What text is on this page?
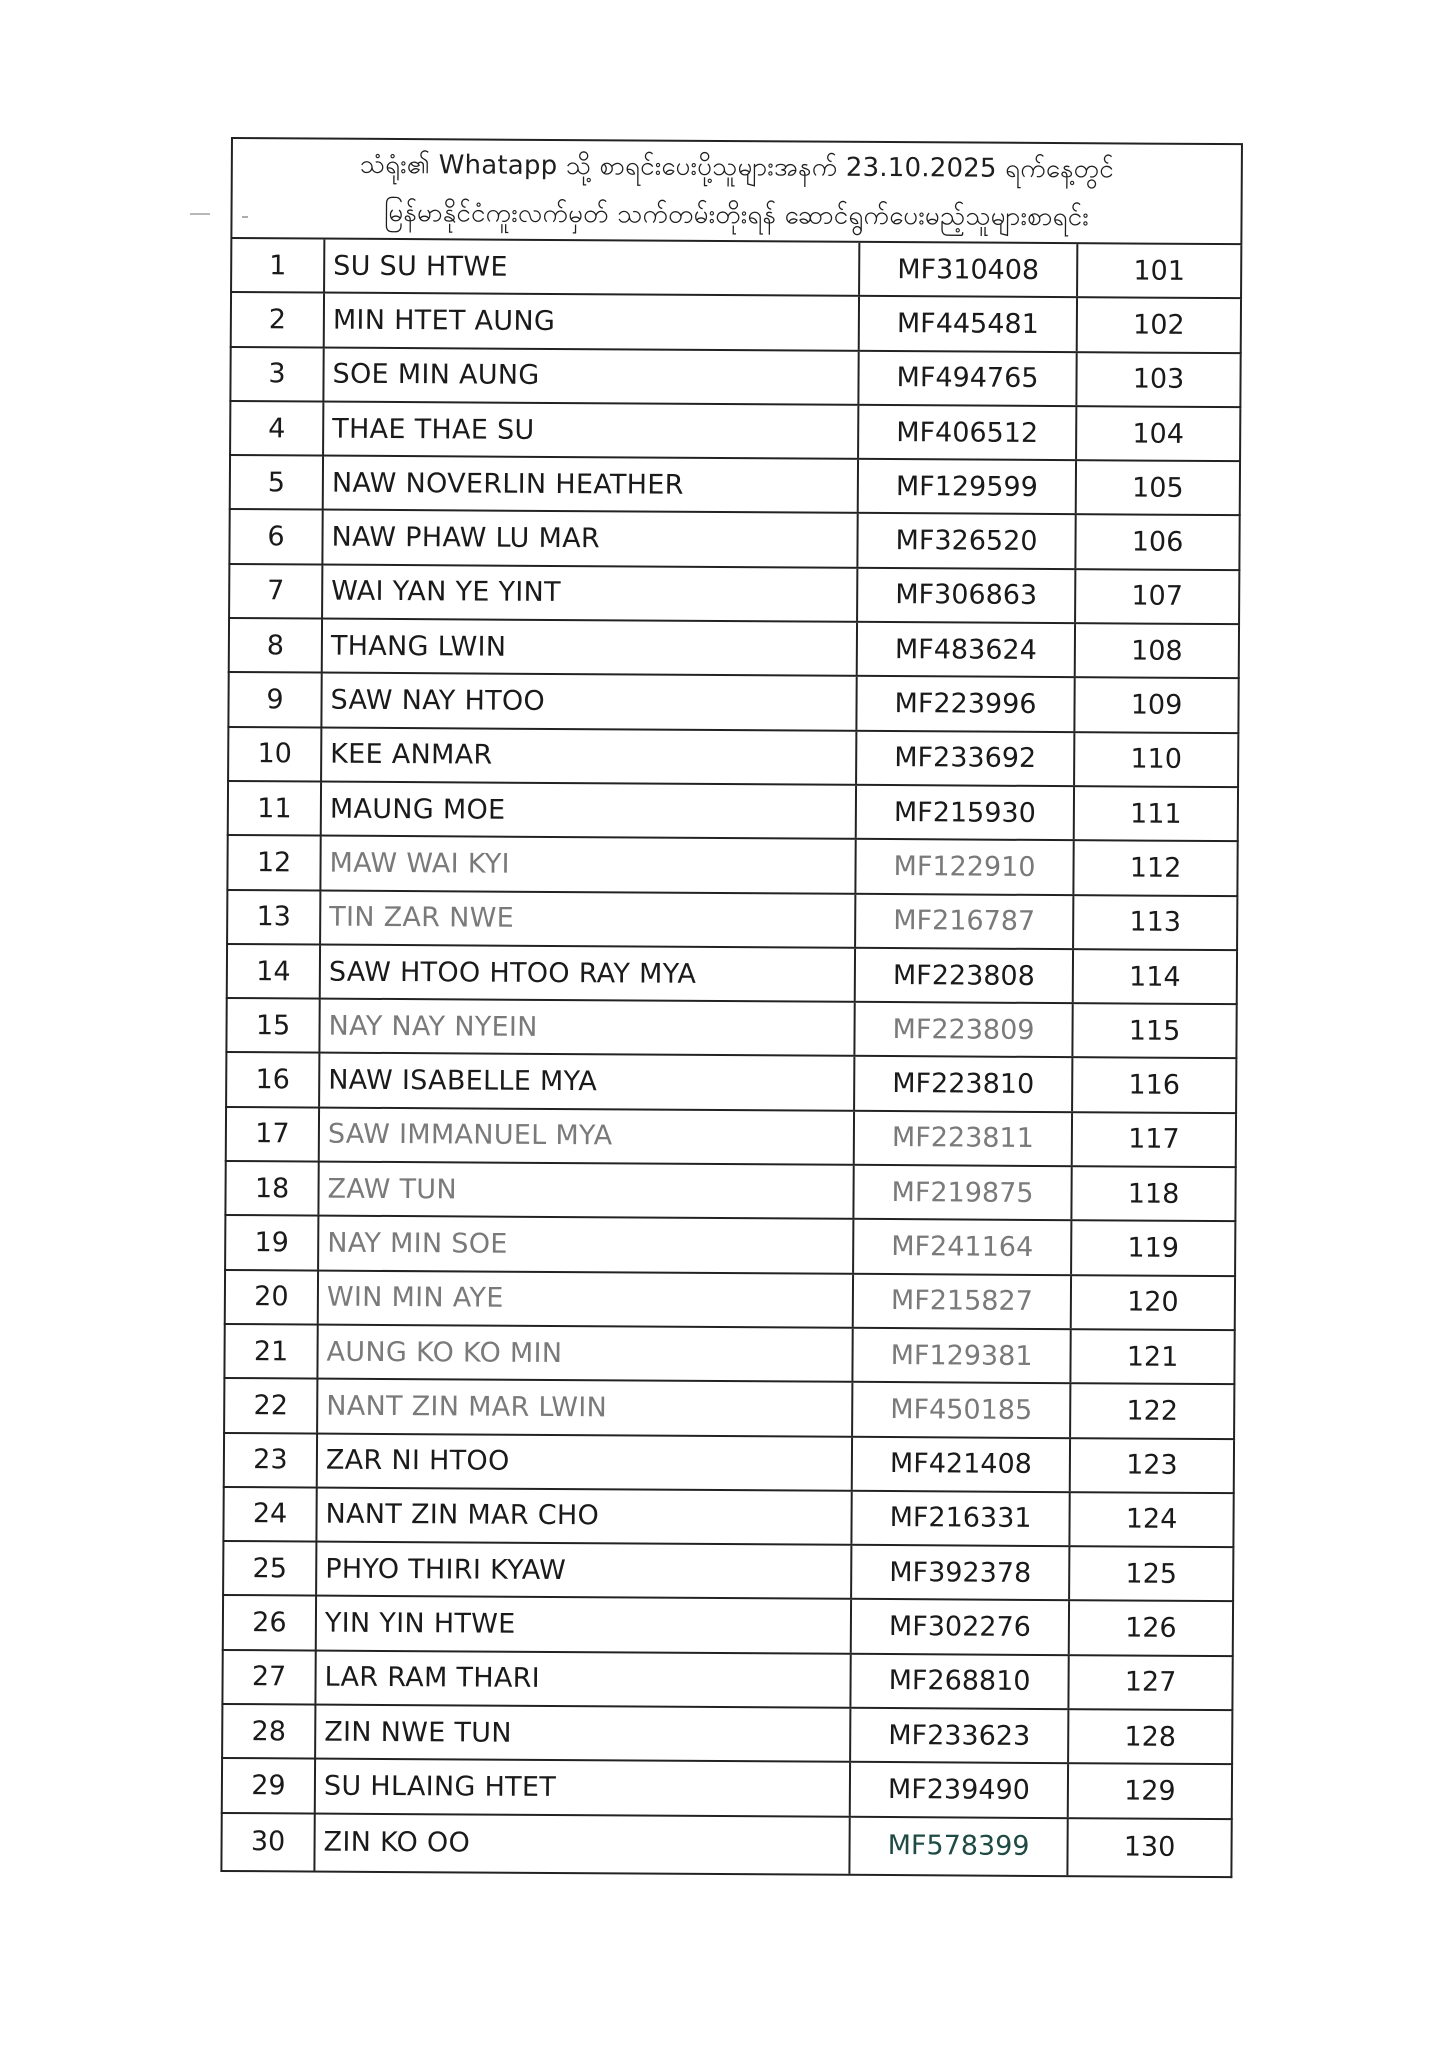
သံရုံး၏ Whatapp သို့ စာရင်းပေးပို့သူများအနက် 23.10.2025 ရက်နေ့တွင်
မြန်မာနိုင်ငံကူးလက်မှတ် သက်တမ်းတိုးရန် ဆောင်ရွက်ပေးမည့်သူများစာရင်း
1	SU SU HTWE	MF310408	101
2	MIN HTET AUNG	MF445481	102
3	SOE MIN AUNG	MF494765	103
4	THAE THAE SU	MF406512	104
5	NAW NOVERLIN HEATHER	MF129599	105
6	NAW PHAW LU MAR	MF326520	106
7	WAI YAN YE YINT	MF306863	107
8	THANG LWIN	MF483624	108
9	SAW NAY HTOO	MF223996	109
10	KEE ANMAR	MF233692	110
11	MAUNG MOE	MF215930	111
12	MAW WAI KYI	MF122910	112
13	TIN ZAR NWE	MF216787	113
14	SAW HTOO HTOO RAY MYA	MF223808	114
15	NAY NAY NYEIN	MF223809	115
16	NAW ISABELLE MYA	MF223810	116
17	SAW IMMANUEL MYA	MF223811	117
18	ZAW TUN	MF219875	118
19	NAY MIN SOE	MF241164	119
20	WIN MIN AYE	MF215827	120
21	AUNG KO KO MIN	MF129381	121
22	NANT ZIN MAR LWIN	MF450185	122
23	ZAR NI HTOO	MF421408	123
24	NANT ZIN MAR CHO	MF216331	124
25	PHYO THIRI KYAW	MF392378	125
26	YIN YIN HTWE	MF302276	126
27	LAR RAM THARI	MF268810	127
28	ZIN NWE TUN	MF233623	128
29	SU HLAING HTET	MF239490	129
30	ZIN KO OO	MF578399	130
